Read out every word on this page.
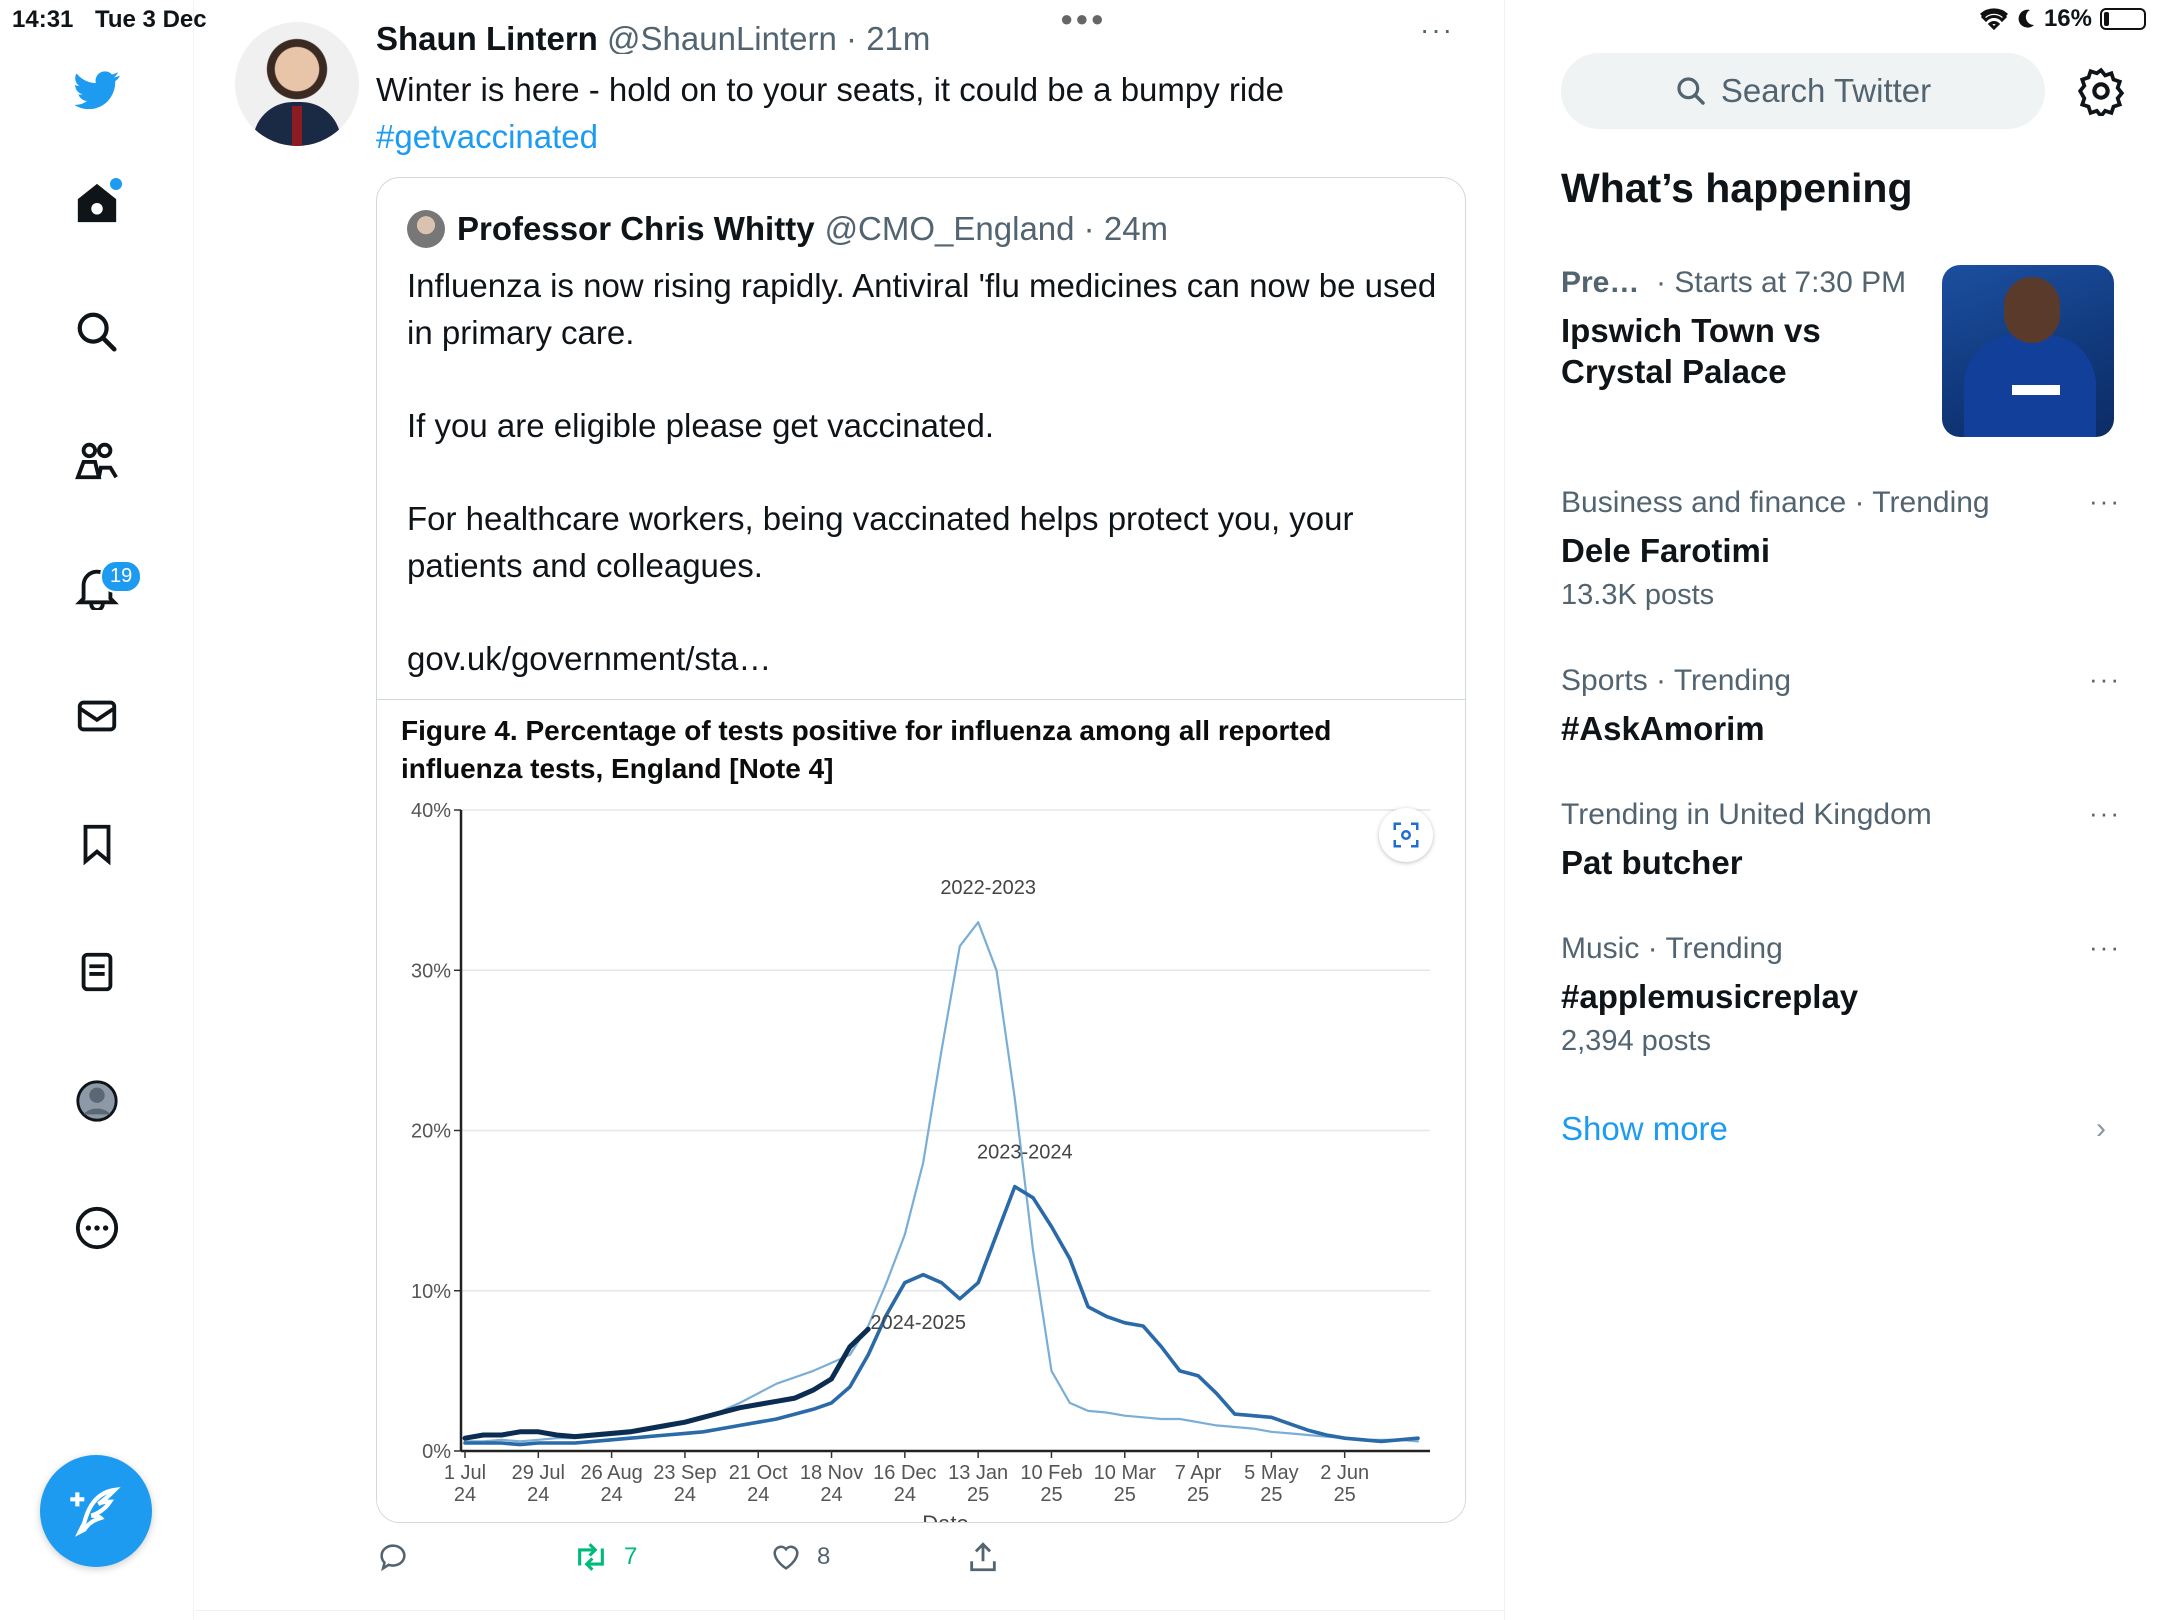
14:31 Tue 3 Dec	●●●	16%
19
Shaun Lintern @ShaunLintern · 21m	···
Winter is here - hold on to your seats, it could be a bumpy ride
#getvaccinated
Professor Chris Whitty @CMO_England · 24m

Influenza is now rising rapidly. Antiviral 'flu medicines can now be used in primary care.

If you are eligible please get vaccinated.

For healthcare workers, being vaccinated helps protect you, your patients and colleagues.

gov.uk/government/sta…

Figure 4. Percentage of tests positive for influenza among all reported influenza tests, England [Note 4]
0%
10%
20%
30%
40%
1 Jul
24
29 Jul
24
26 Aug
24
23 Sep
24
21 Oct
24
18 Nov
24
16 Dec
24
13 Jan
25
10 Feb
25
10 Mar
25
7 Apr
25
5 May
25
2 Jun
25
Date
2022-2023
2023-2024
2024-2025
7	8
Search Twitter
What’s happening
Pre… · Starts at 7:30 PM
Ipswich Town vs Crystal Palace
Business and finance · Trending
Dele Farotimi
13.3K posts
···
Sports · Trending
#AskAmorim
···
Trending in United Kingdom
Pat butcher
···
Music · Trending
#applemusicreplay
2,394 posts
···
Show more	›
